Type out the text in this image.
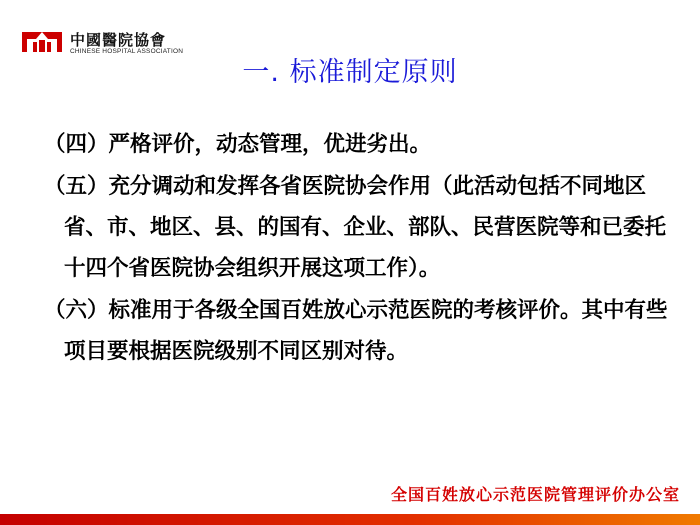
中國醫院協會
CHINESE HOSPITAL ASSOCIATION
一. 标准制定原则

（四）严格评价，动态管理，优进劣出。

（五）充分调动和发挥各省医院协会作用（此活动包括不同地区省、市、地区、县、的国有、企业、部队、民营医院等和已委托十四个省医院协会组织开展这项工作）。

（六）标准用于各级全国百姓放心示范医院的考核评价。其中有些项目要根据医院级别不同区别对待。

全国百姓放心示范医院管理评价办公室
